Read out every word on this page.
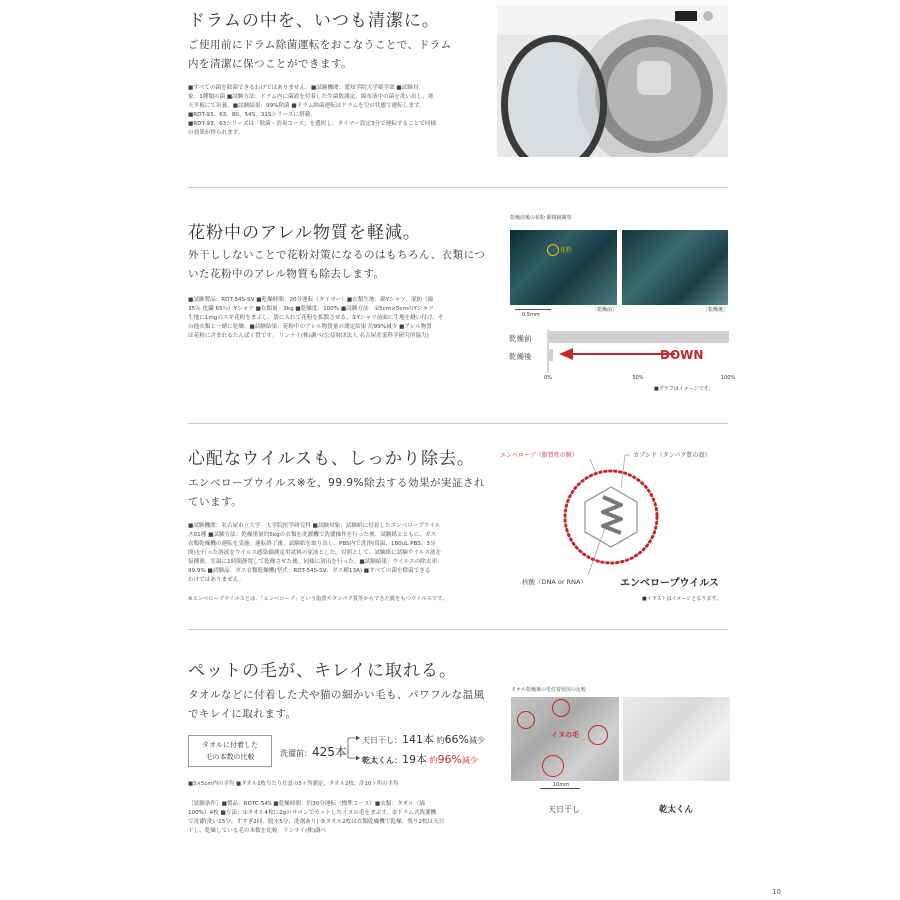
ドラムの中を、いつも清潔に。
ご使用前にドラム除菌運転をおこなうことで、ドラム
内を清潔に保つことができます。
■すべての菌を除菌できるわけではありません。■試験機関：愛知学院大学薬学部 ■試験対
象：1種類の菌 ■試験方法：ドラム内に菌液を付着した生菌数測定、綿布液中の菌を洗い出し、寒
天平板にて培養。■試験結果：99%除菌 ■ドラム除菌運転はドラムを空の状態で運転します。
■RDT-93、63、80、54S、31Sシリーズに搭載。
■RDT-93、63シリーズは「除菌・消臭コース」を選択し、タイマー設定3分で運転することで同様
の効果が得られます。
花粉中のアレル物質を軽減。
外干ししないことで花粉対策になるのはもちろん、衣類につ
いた花粉中のアレル物質も除去します。
■試験製品：RDT-54S-SV ■乾燥時間：20分運転（タイマー）■衣類生地：綿Yシャツ、混紡（綿
35％ 化繊 65％）Yシャツ ■衣類量：3kg ■乾燥度：100% ■試験方法：①5cm×5cmのYシャツ
生地に1mgのスギ花粉をまぶし、袋に入れて花粉を拡散させる。②Yシャツ前面に生地を縫い付け、そ
の他衣類と一緒に乾燥。■試験結果：花粉中のアレル物質量の測定結果 約99%減少 ■アレル物質
は花粉に含まれるたんぱく質です。 リンナイ(株)調べ(公益財団法人 名古屋産業科学研究所協力)
乾燥前後の花粉 顕微鏡観察
花粉
［乾燥前］	［乾燥後］
0.5mm
乾燥前
乾燥後	DOWN
0%	50%	100%
■グラフはイメージです。
心配なウイルスも、しっかり除去。
エンベロープウイルス※を、99.9%除去する効果が実証され
ています。
■試験機関：名古屋市立大学　大学院医学研究科 ■試験対象：試験紙に付着したエンベロープウイル
ス01種 ■試験方法：乾燥重量約5kgの衣類を洗濯機で洗濯操作を行った後、試験紙とともに、ガス
衣類乾燥機の運転を実施。運転終了後、試験紙を取り出し、PBS内で洗浄(常温、180uL PBS、3分
間)を行った溶液をウイルス感染価測定用試料の原液とした。対照として、試験紙に試験ウイルス液を
接種後、室温に1時間静置して乾燥させた後、同様に溶出を行った。■試験結果：ウイルスの除去率：
99.9% ■試験品：ガス衣類乾燥機(型式：RDT-54S-SV、ガス種13A) ■すべての菌を除菌できる
わけではありません。
※エンベロープウイルスとは、「エンベロープ」という脂質やタンパク質等からできた膜をもつウイルスです。
エンベロープ（脂質性の膜）	カプシド（タンパク質の殻）
核酸（DNA or RNA）	エンベロープウイルス
■イラストはイメージとなります。
ペットの毛が、キレイに取れる。
タオルなどに付着した犬や猫の細かい毛も、パワフルな温風
でキレイに取れます。
タオルに付着した
毛の本数の比較	洗濯前：425本
天日干し：141本 約66%減少
乾太くん：19本 約96%減少
■5×5cm内の平均 ■タオル1枚当たり任意の5ヶ所測定、タオル2枚、計10ヶ所の平均
［試験条件］■製品：RDTC-54S ■乾燥時間：約30分運転（標準コース）■衣類：タオル（綿
100%）4枚 ■方法：①タオル4枚に2gのサロンでカットしたイヌの毛をまぶす。②ドラム式洗濯機
で洗濯(洗い15分、すすぎ2回、脱水5分、洗剤あり) ③タオル2枚は衣類乾燥機で乾燥、残り2枚は天日
干し、乾燥している毛の本数を比較　リンナイ(株)調べ
タオル乾燥後の毛付着状況の比較
イヌの毛
10mm
天日干し	乾太くん
10
